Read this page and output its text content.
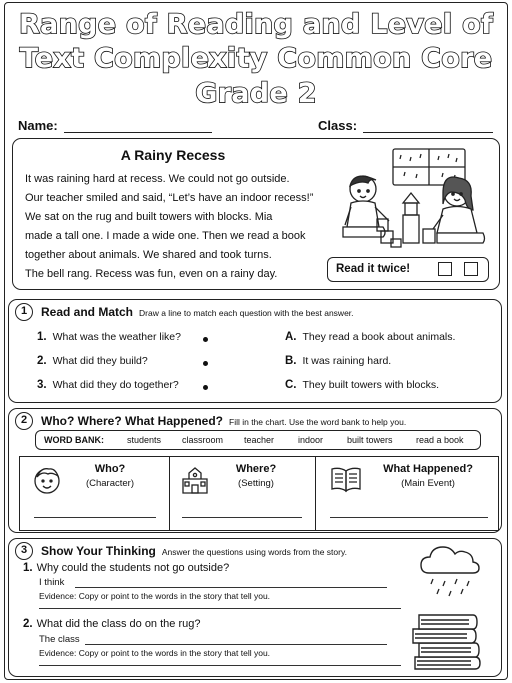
Range of Reading and Level of
Text Complexity Common Core
Grade 2
Name:	Class:
A Rainy Recess
It was raining hard at recess. We could not go outside.
Our teacher smiled and said, “Let’s have an indoor recess!”
We sat on the rug and built towers with blocks. Mia
made a tall one. I made a wide one. Then we read a book
together about animals. We shared and took turns.
The bell rang. Recess was fun, even on a rainy day.	Read it twice!
1	Read and Match Draw a line to match each question with the best answer.
1. What was the weather like?
2. What did they build?
3. What did they do together?
A. They read a book about animals.
B. It was raining hard.
C. They built towers with blocks.
2	Who? Where? What Happened? Fill in the chart. Use the word bank to help you.
WORD BANK:	students classroom teacher	indoor	built towers	read a book
Who?
(Character)
Where?
(Setting)
What Happened?
(Main Event)
3	Show Your Thinking Answer the questions using words from the story.
1. Why could the students not go outside?
I think
Evidence: Copy or point to the words in the story that tell you.
2. What did the class do on the rug?
The class
Evidence: Copy or point to the words in the story that tell you.
